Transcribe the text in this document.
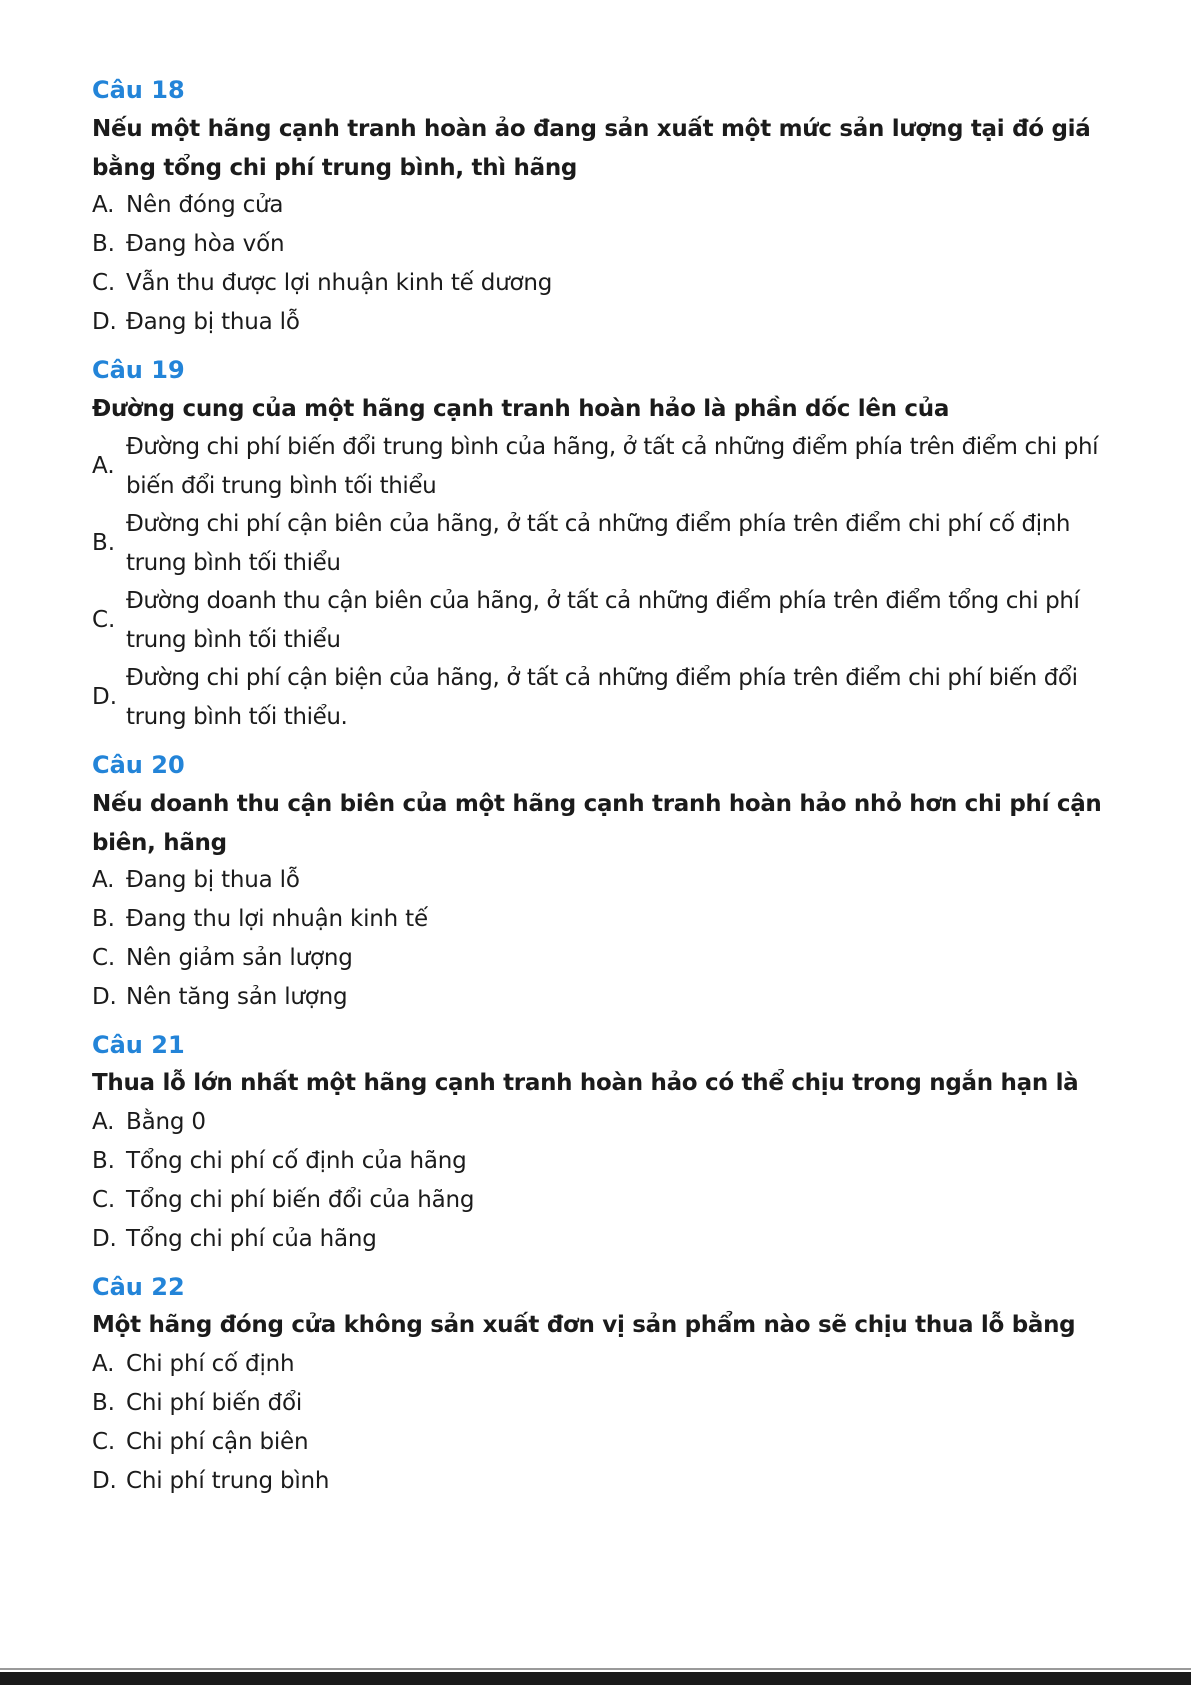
Câu 18
Nếu một hãng cạnh tranh hoàn ảo đang sản xuất một mức sản lượng tại đó giá bằng tổng chi phí trung bình, thì hãng
A. Nên đóng cửa
B. Đang hòa vốn
C. Vẫn thu được lợi nhuận kinh tế dương
D. Đang bị thua lỗ
Câu 19
Đường cung của một hãng cạnh tranh hoàn hảo là phần dốc lên của
A.
Đường chi phí biến đổi trung bình của hãng, ở tất cả những điểm phía trên điểm chi phí biến đổi trung bình tối thiểu
B.
Đường chi phí cận biên của hãng, ở tất cả những điểm phía trên điểm chi phí cố định trung bình tối thiểu
C.
Đường doanh thu cận biên của hãng, ở tất cả những điểm phía trên điểm tổng chi phí trung bình tối thiểu
D.
Đường chi phí cận biện của hãng, ở tất cả những điểm phía trên điểm chi phí biến đổi trung bình tối thiểu.
Câu 20
Nếu doanh thu cận biên của một hãng cạnh tranh hoàn hảo nhỏ hơn chi phí cận biên, hãng
A. Đang bị thua lỗ
B. Đang thu lợi nhuận kinh tế
C. Nên giảm sản lượng
D. Nên tăng sản lượng
Câu 21
Thua lỗ lớn nhất một hãng cạnh tranh hoàn hảo có thể chịu trong ngắn hạn là
A. Bằng 0
B. Tổng chi phí cố định của hãng
C. Tổng chi phí biến đổi của hãng
D. Tổng chi phí của hãng
Câu 22
Một hãng đóng cửa không sản xuất đơn vị sản phẩm nào sẽ chịu thua lỗ bằng
A. Chi phí cố định
B. Chi phí biến đổi
C. Chi phí cận biên
D. Chi phí trung bình
